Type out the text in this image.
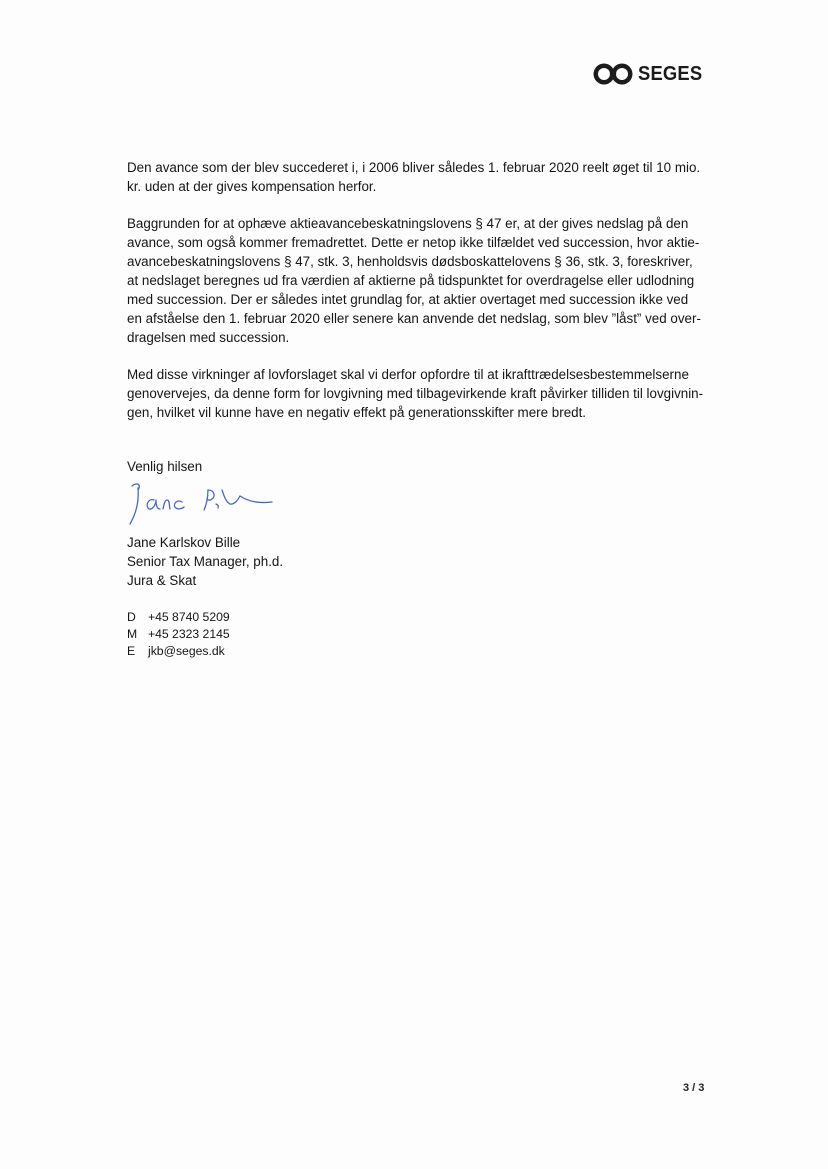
SEGES

Den avance som der blev succederet i, i 2006 bliver således 1. februar 2020 reelt øget til 10 mio.
kr. uden at der gives kompensation herfor.

Baggrunden for at ophæve aktieavancebeskatningslovens § 47 er, at der gives nedslag på den
avance, som også kommer fremadrettet. Dette er netop ikke tilfældet ved succession, hvor aktie-
avancebeskatningslovens § 47, stk. 3, henholdsvis dødsboskattelovens § 36, stk. 3, foreskriver,
at nedslaget beregnes ud fra værdien af aktierne på tidspunktet for overdragelse eller udlodning
med succession. Der er således intet grundlag for, at aktier overtaget med succession ikke ved
en afståelse den 1. februar 2020 eller senere kan anvende det nedslag, som blev ”låst” ved over-
dragelsen med succession.

Med disse virkninger af lovforslaget skal vi derfor opfordre til at ikrafttrædelsesbestemmelserne
genovervejes, da denne form for lovgivning med tilbagevirkende kraft påvirker tilliden til lovgivnin-
gen, hvilket vil kunne have en negativ effekt på generationsskifter mere bredt.

Venlig hilsen
Jane Karlskov Bille
Senior Tax Manager, ph.d.
Jura & Skat
D +45 8740 5209
M +45 2323 2145
E	jkb@seges.dk
3 / 3
